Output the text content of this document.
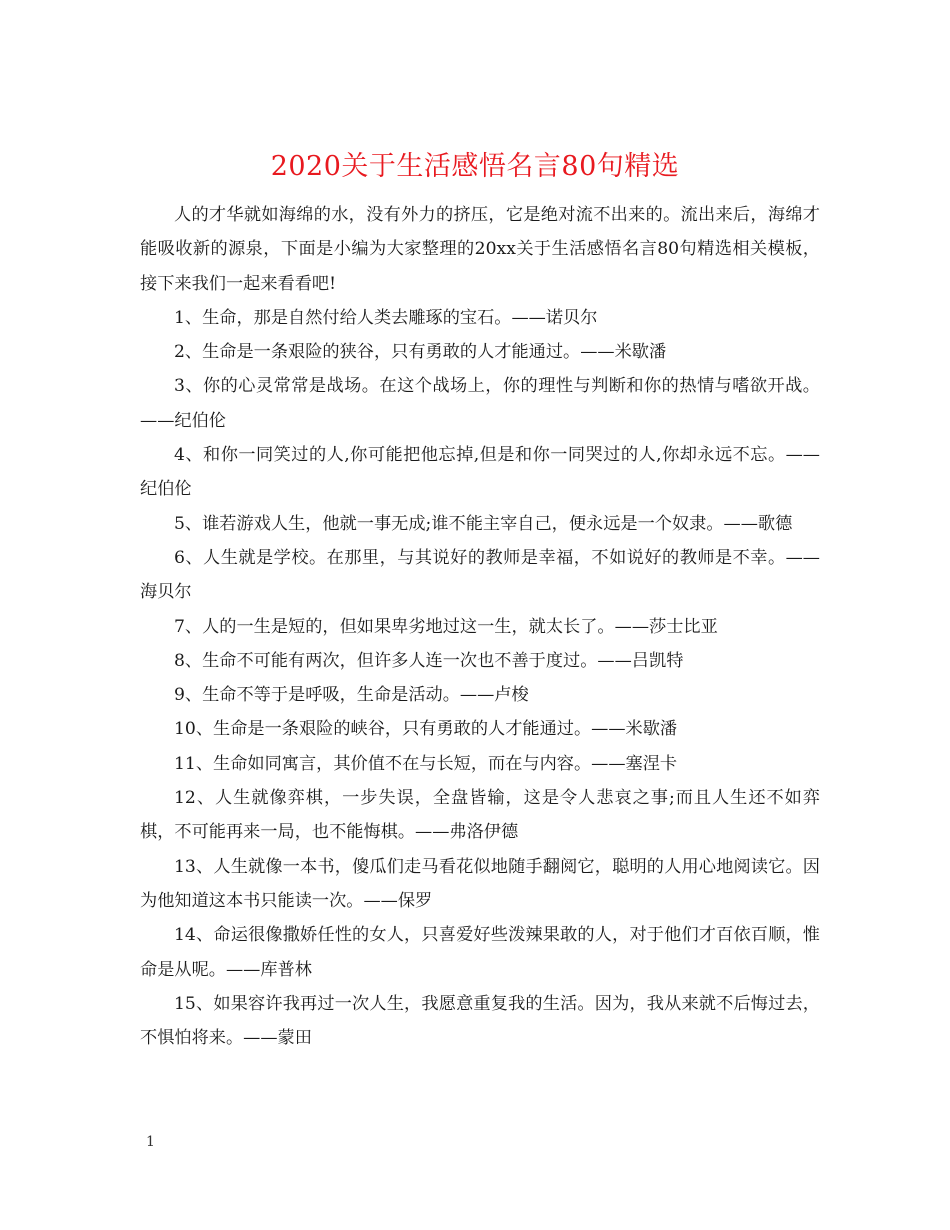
2020关于生活感悟名言80句精选

人的才华就如海绵的水，没有外力的挤压，它是绝对流不出来的。流出来后，海绵才能吸收新的源泉，下面是小编为大家整理的20xx关于生活感悟名言80句精选相关模板，接下来我们一起来看看吧!

1、生命，那是自然付给人类去雕琢的宝石。——诺贝尔

2、生命是一条艰险的狭谷，只有勇敢的人才能通过。——米歇潘

3、你的心灵常常是战场。在这个战场上，你的理性与判断和你的热情与嗜欲开战。——纪伯伦

4、和你一同笑过的人,你可能把他忘掉,但是和你一同哭过的人,你却永远不忘。——纪伯伦

5、谁若游戏人生，他就一事无成;谁不能主宰自己，便永远是一个奴隶。——歌德

6、人生就是学校。在那里，与其说好的教师是幸福，不如说好的教师是不幸。——海贝尔

7、人的一生是短的，但如果卑劣地过这一生，就太长了。——莎士比亚

8、生命不可能有两次，但许多人连一次也不善于度过。——吕凯特

9、生命不等于是呼吸，生命是活动。——卢梭

10、生命是一条艰险的峡谷，只有勇敢的人才能通过。——米歇潘

11、生命如同寓言，其价值不在与长短，而在与内容。——塞涅卡

12、人生就像弈棋，一步失误，全盘皆输，这是令人悲哀之事;而且人生还不如弈棋，不可能再来一局，也不能悔棋。——弗洛伊德

13、人生就像一本书，傻瓜们走马看花似地随手翻阅它，聪明的人用心地阅读它。因为他知道这本书只能读一次。——保罗

14、命运很像撒娇任性的女人，只喜爱好些泼辣果敢的人，对于他们才百依百顺，惟命是从呢。——库普林

15、如果容许我再过一次人生，我愿意重复我的生活。因为，我从来就不后悔过去，不惧怕将来。——蒙田

1
